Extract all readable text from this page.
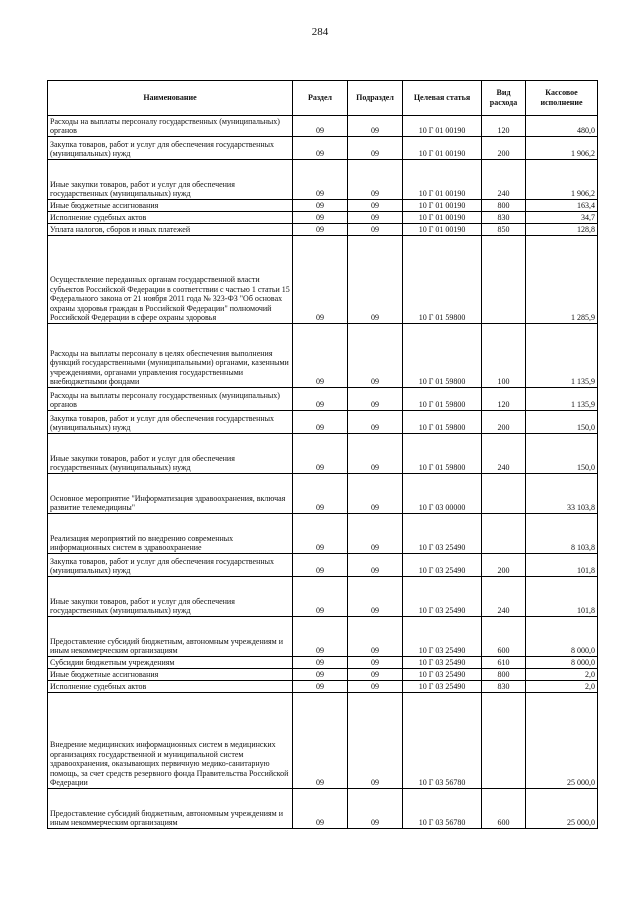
284
Наименование	Раздел	Подраздел	Целевая статья	Вид расхода	Кассовое исполнение
Расходы на выплаты персоналу государственных (муниципальных) органов	09	09	10 Г 01 00190	120	480,0
Закупка товаров, работ и услуг для обеспечения государственных (муниципальных) нужд	09	09	10 Г 01 00190	200	1 906,2
Иные закупки товаров, работ и услуг для обеспечения государственных (муниципальных) нужд	09	09	10 Г 01 00190	240	1 906,2
Иные бюджетные ассигнования	09	09	10 Г 01 00190	800	163,4
Исполнение судебных актов	09	09	10 Г 01 00190	830	34,7
Уплата налогов, сборов и иных платежей	09	09	10 Г 01 00190	850	128,8
Осуществление переданных органам государственной власти субъектов Российской Федерации в соответствии с частью 1 статьи 15 Федерального закона от 21 ноября 2011 года № 323-ФЗ "Об основах охраны здоровья граждан в Российской Федерации" полномочий Российской Федерации в сфере охраны здоровья	09	09	10 Г 01 59800		1 285,9
Расходы на выплаты персоналу в целях обеспечения выполнения функций государственными (муниципальными) органами, казенными учреждениями, органами управления государственными внебюджетными фондами	09	09	10 Г 01 59800	100	1 135,9
Расходы на выплаты персоналу государственных (муниципальных) органов	09	09	10 Г 01 59800	120	1 135,9
Закупка товаров, работ и услуг для обеспечения государственных (муниципальных) нужд	09	09	10 Г 01 59800	200	150,0
Иные закупки товаров, работ и услуг для обеспечения государственных (муниципальных) нужд	09	09	10 Г 01 59800	240	150,0
Основное мероприятие "Информатизация здравоохранения, включая развитие телемедицины"	09	09	10 Г 03 00000		33 103,8
Реализация мероприятий по внедрению современных информационных систем в здравоохранение	09	09	10 Г 03 25490		8 103,8
Закупка товаров, работ и услуг для обеспечения государственных (муниципальных) нужд	09	09	10 Г 03 25490	200	101,8
Иные закупки товаров, работ и услуг для обеспечения государственных (муниципальных) нужд	09	09	10 Г 03 25490	240	101,8
Предоставление субсидий бюджетным, автономным учреждениям и иным некоммерческим организациям	09	09	10 Г 03 25490	600	8 000,0
Субсидии бюджетным учреждениям	09	09	10 Г 03 25490	610	8 000,0
Иные бюджетные ассигнования	09	09	10 Г 03 25490	800	2,0
Исполнение судебных актов	09	09	10 Г 03 25490	830	2,0
Внедрение медицинских информационных систем в медицинских организациях государственной и муниципальной систем здравоохранения, оказывающих первичную медико-санитарную помощь, за счет средств резервного фонда Правительства Российской Федерации	09	09	10 Г 03 56780		25 000,0
Предоставление субсидий бюджетным, автономным учреждениям и иным некоммерческим организациям	09	09	10 Г 03 56780	600	25 000,0
